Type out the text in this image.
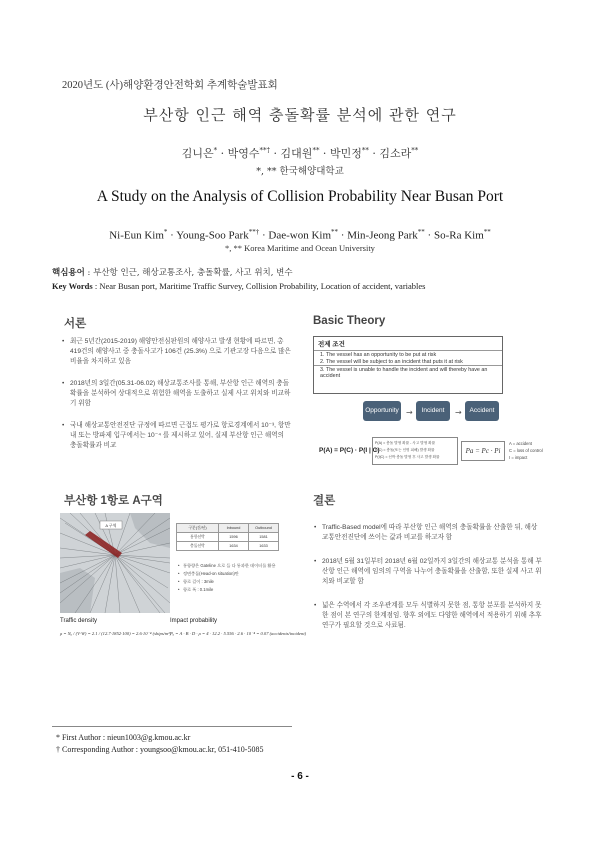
2020년도 (사)해양환경안전학회 추계학술발표회
부산항 인근 해역 충돌확률 분석에 관한 연구
김니은* · 박영수**† · 김대원** · 박민정** · 김소라**
*, ** 한국해양대학교
A Study on the Analysis of Collision Probability Near Busan Port
Ni-Eun Kim* · Young-Soo Park**† · Dae-won Kim** · Min-Jeong Park** · So-Ra Kim**
*, ** Korea Maritime and Ocean University
핵심용어 : 부산항 인근, 해상교통조사, 충돌확률, 사고 위치, 변수
Key Words : Near Busan port, Maritime Traffic Survey, Collision Probability, Location of accident, variables
서론
• 최근 5년간(2015-2019) 해양안전심판원의 해양사고 발생 현황에 따르면, 총 419건의 해양사고 중 충돌사고가 106건 (25.3%) 으로 기관고장 다음으로 많은 비율을 차지하고 있음
• 2018년의 3일간(05.31-06.02) 해상교통조사를 통해, 부산항 인근 해역의 충돌확률을 분석하여 상대적으로 위험한 해역을 도출하고 실제 사고 위치와 비교하기 위함
• 국내 해상교통안전진단 규정에 따르면 근접도 평가로 항로경계에서 10⁻³, 항만 내 또는 방파제 입구에서는 10⁻⁴ 를 제시하고 있어, 실제 부산항 인근 해역의 충돌확률과 비교
Basic Theory
전제 조건
1. The vessel has an opportunity to be put at risk
2. The vessel will be subject to an incident that puts it at risk
3. The vessel is unable to handle the incident and will thereby have an accident
Opportunity →	Incident	→	Accident
P(A) = P(C) · P(I | C)
P(A) = 충돌 발생 확률 - 사고 발생 확률
P(C) = 충돌(또는 인명 피해) 발생 확률
P(I|C) = 선박 충돌 발생 후 사고 발생 확률
Pa = Pc · Pi
A = accident
C = loss of control
I = impact
부산항 1항로 A구역
A 구역	구분(건/년)	Inbound	Outbound
통항선박	1596	1581
충돌선박	1634	1633
• 통항량은 Gateline 으로 들 다 통과한 데이터를 활용
• 정면충돌(Head-on situation)만
• 항로 길이 : 3mile
• 항로 폭 : 0.1mile
Traffic density	Impact probability
ρ = Nₐ / (V·W) = 2.1 / (12.7·1852·100) = 2.6·10⁻⁴ (ships/m²)
Pₐ = A · B · D · ρ = 4 · 12.2 · 5.556 · 2.6 · 10⁻⁴ = 0.07 (accidents/incident)
결론
• Traffic-Based model에 따라 부산항 인근 해역의 충돌확률을 산출한 뒤, 해상교통안전진단에 쓰이는 값과 비교를 하고자 함
• 2018년 5월 31일부터 2018년 6월 02일까지 3일간의 해상교통 분석을 통해 부산항 인근 해역에 임의의 구역을 나누어 충돌확률을 산출함, 또한 실제 사고 위치와 비교할 함
• 넓은 수역에서 각 조우관계를 모두 식별하지 못한 점, 통항 분포를 분석하지 못한 점이 본 연구의 한계점임. 향후 외에도 다양한 해역에서 적용하기 위해 추후 연구가 필요할 것으로 사료됨.
* First Author : nieun1003@g.kmou.ac.kr
† Corresponding Author : youngsoo@kmou.ac.kr, 051-410-5085
- 6 -
